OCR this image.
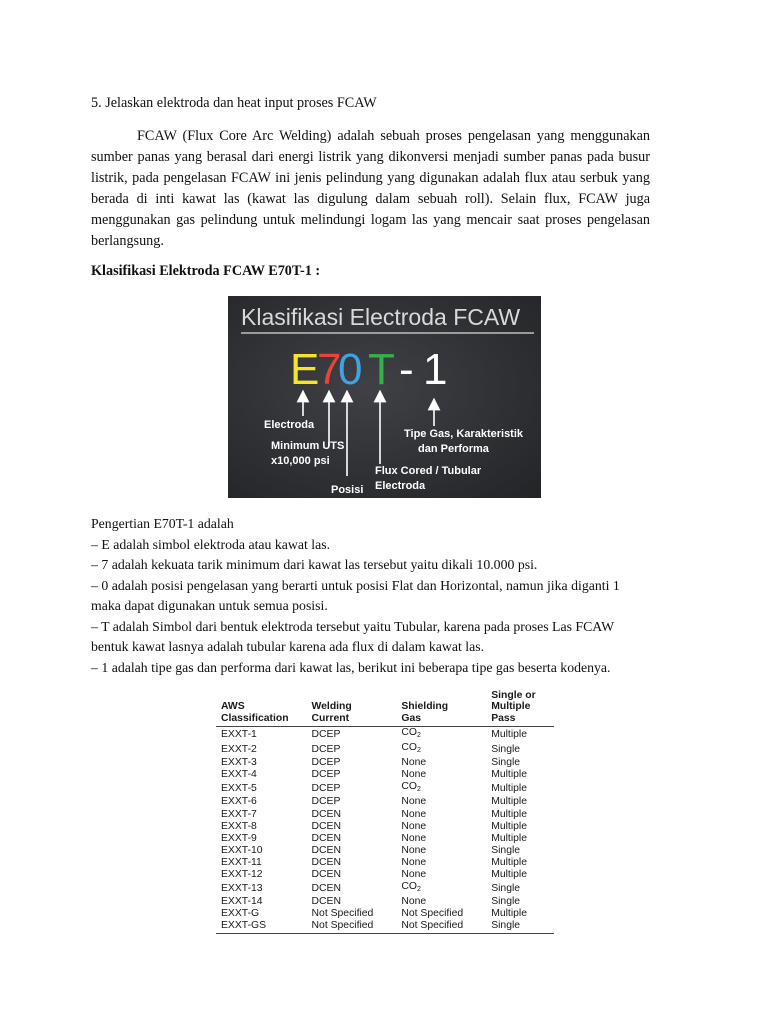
5. Jelaskan elektroda dan heat input proses FCAW

FCAW (Flux Core Arc Welding) adalah sebuah proses pengelasan yang menggunakan sumber panas yang berasal dari energi listrik yang dikonversi menjadi sumber panas pada busur listrik, pada pengelasan FCAW ini jenis pelindung yang digunakan adalah flux atau serbuk yang berada di inti kawat las (kawat las digulung dalam sebuah roll). Selain flux, FCAW juga menggunakan gas pelindung untuk melindungi logam las yang mencair saat proses pengelasan berlangsung.

Klasifikasi Elektroda FCAW E70T-1 :
Klasifikasi Electroda FCAW
E
7
0 T - 1
Electroda
Minimum UTS
x10,000 psi
Posisi
Flux Cored / Tubular
Electroda
Tipe Gas, Karakteristik
dan Performa
Pengertian E70T-1 adalah
– E adalah simbol elektroda atau kawat las.
– 7 adalah kekuata tarik minimum dari kawat las tersebut yaitu dikali 10.000 psi.
– 0 adalah posisi pengelasan yang berarti untuk posisi Flat dan Horizontal, namun jika diganti 1
maka dapat digunakan untuk semua posisi.
– T adalah Simbol dari bentuk elektroda tersebut yaitu Tubular, karena pada proses Las FCAW
bentuk kawat lasnya adalah tubular karena ada flux di dalam kawat las.
– 1 adalah tipe gas dan performa dari kawat las, berikut ini beberapa tipe gas beserta kodenya.
AWS	Welding	Shielding	Single or Multiple
Classification	Current	Gas	Pass
EXXT-1	DCEP	$CO_2$	Multiple
EXXT-2	DCEP	$CO_2$	Single
EXXT-3	DCEP	None	Single
EXXT-4	DCEP	None	Multiple
EXXT-5	DCEP	$CO_2$	Multiple
EXXT-6	DCEP	None	Multiple
EXXT-7	DCEN	None	Multiple
EXXT-8	DCEN	None	Multiple
EXXT-9	DCEN	None	Multiple
EXXT-10	DCEN	None	Single
EXXT-11	DCEN	None	Multiple
EXXT-12	DCEN	None	Multiple
EXXT-13	DCEN	$CO_2$	Single
EXXT-14	DCEN	None	Single
EXXT-G	Not Specified	Not Specified	Multiple
EXXT-GS	Not Specified	Not Specified	Single
